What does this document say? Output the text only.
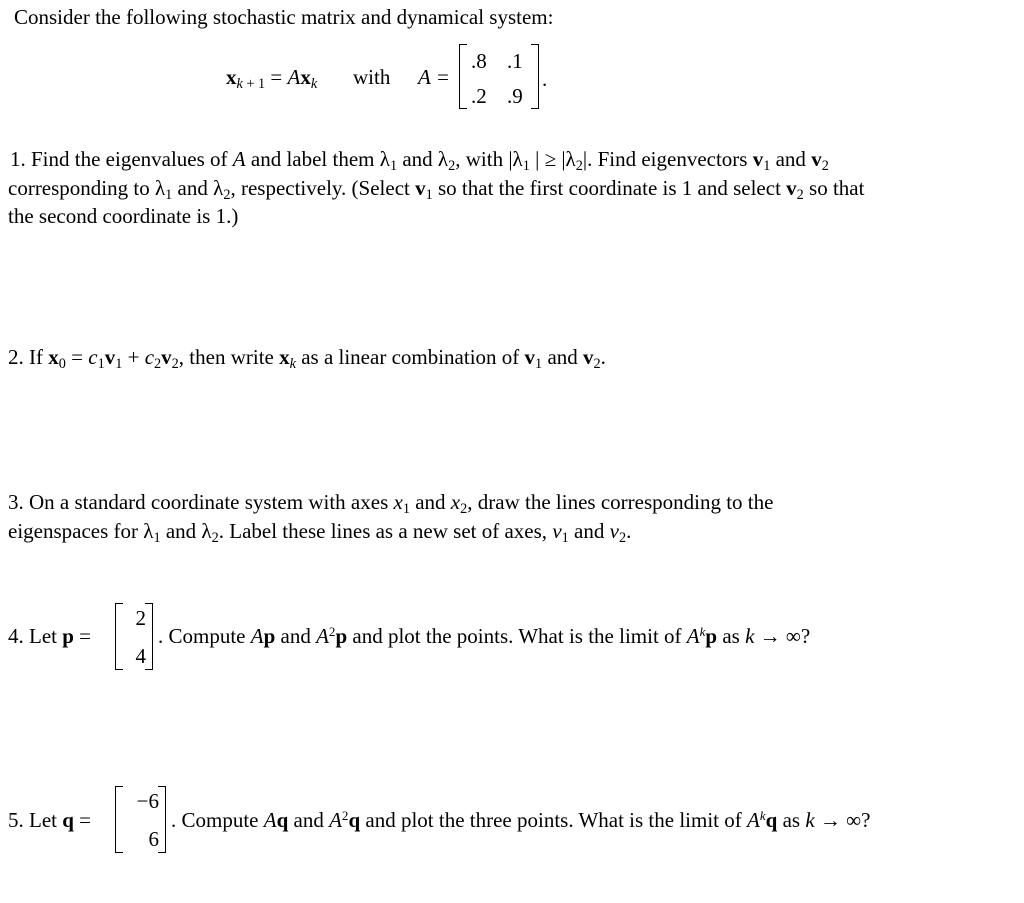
Consider the following stochastic matrix and dynamical system:
xk $_{+ 1}$ = Axk with A =
.8 .1
.2 .9
.
1. Find the eigenvalues of A and label them $\lambda_1$ and $\lambda_2$, with $|\lambda_1$ | ≥ $|\lambda_2|$. Find eigenvectors $v_1$ and $v_2$
corresponding to $\lambda_1$ and $\lambda_2$, respectively. (Select $v_1$ so that the first coordinate is 1 and select $v_2$ so that
the second coordinate is 1.)
2. If $x_0 = c_1v_1 + c_2v_2$, then write xk as a linear combination of $v_1$ and $v_2$.
3. On a standard coordinate system with axes $x_1$ and $x_2$, draw the lines corresponding to the
eigenspaces for $\lambda_1$ and $\lambda_2$. Label these lines as a new set of axes, $v_1$ and $v_2$.
4. Let p =
2
4
. Compute Ap and $A^2p$ and plot the points. What is the limit of $A^kp$ as k → ∞?
5. Let q =
−6
6
. Compute Aq and $A^2q$ and plot the three points. What is the limit of $A^kq$ as k → ∞?
